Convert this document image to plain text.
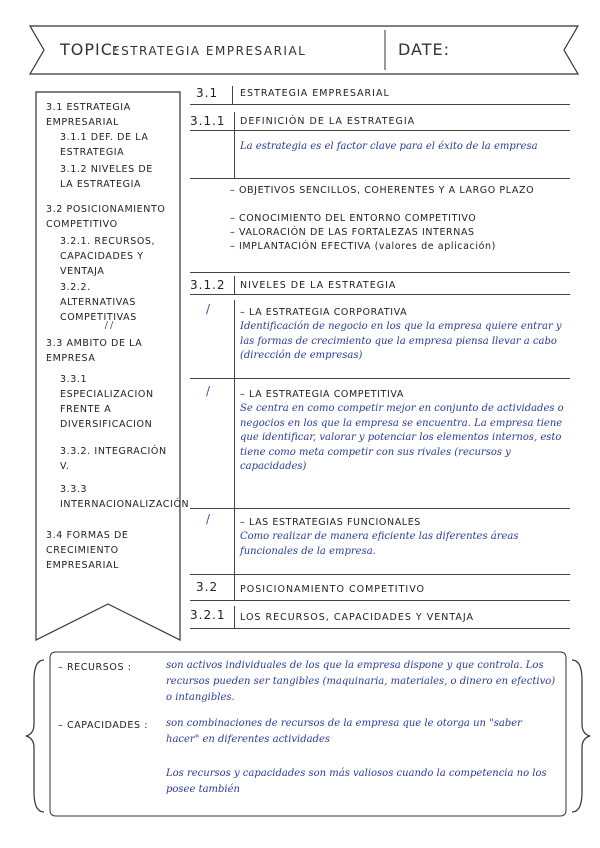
TOPIC:
ESTRATEGIA EMPRESARIAL	DATE:
3.1 ESTRATEGIA EMPRESARIAL
3.1.1 DEF. DE LA ESTRATEGIA
3.1.2 NIVELES DE LA ESTRATEGIA
3.2 POSICIONAMIENTO COMPETITIVO
3.2.1. RECURSOS, CAPACIDADES Y VENTAJA
3.2.2. ALTERNATIVAS COMPETITIVAS
//
3.3 AMBITO DE LA EMPRESA
3.3.1 ESPECIALIZACION FRENTE A DIVERSIFICACION
3.3.2. INTEGRACIÓN V.
3.3.3 INTERNACIONALIZACIÓN
3.4 FORMAS DE CRECIMIENTO EMPRESARIAL
3.1 ESTRATEGIA EMPRESARIAL
3.1.1 DEFINICIÓN DE LA ESTRATEGIA
La estrategia es el factor clave para el éxito de la empresa
– OBJETIVOS SENCILLOS, COHERENTES Y A LARGO PLAZO
– CONOCIMIENTO DEL ENTORNO COMPETITIVO
– VALORACIÓN DE LAS FORTALEZAS INTERNAS
– IMPLANTACIÓN EFECTIVA (valores de aplicación)
3.1.2 NIVELES DE LA ESTRATEGIA
/	– LA ESTRATEGIA CORPORATIVA
Identificación de negocio en los que la empresa quiere entrar y las formas de crecimiento que la empresa piensa llevar a cabo (dirección de empresas)
/	– LA ESTRATEGIA COMPETITIVA
Se centra en como competir mejor en conjunto de actividades o negocios en los que la empresa se encuentra. La empresa tiene que identificar, valorar y potenciar los elementos internos, esto tiene como meta competir con sus rivales (recursos y capacidades)
/	– LAS ESTRATEGIAS FUNCIONALES
Como realizar de manera eficiente las diferentes áreas funcionales de la empresa.
3.2 POSICIONAMIENTO COMPETITIVO
3.2.1 LOS RECURSOS, CAPACIDADES Y VENTAJA
– RECURSOS :	son activos individuales de los que la empresa dispone y que controla. Los recursos pueden ser tangibles (maquinaria, materiales, o dinero en efectivo) o intangibles.
– CAPACIDADES : son combinaciones de recursos de la empresa que le otorga un "saber hacer" en diferentes actividades
Los recursos y capacidades son más valiosos cuando la competencia no los posee también
